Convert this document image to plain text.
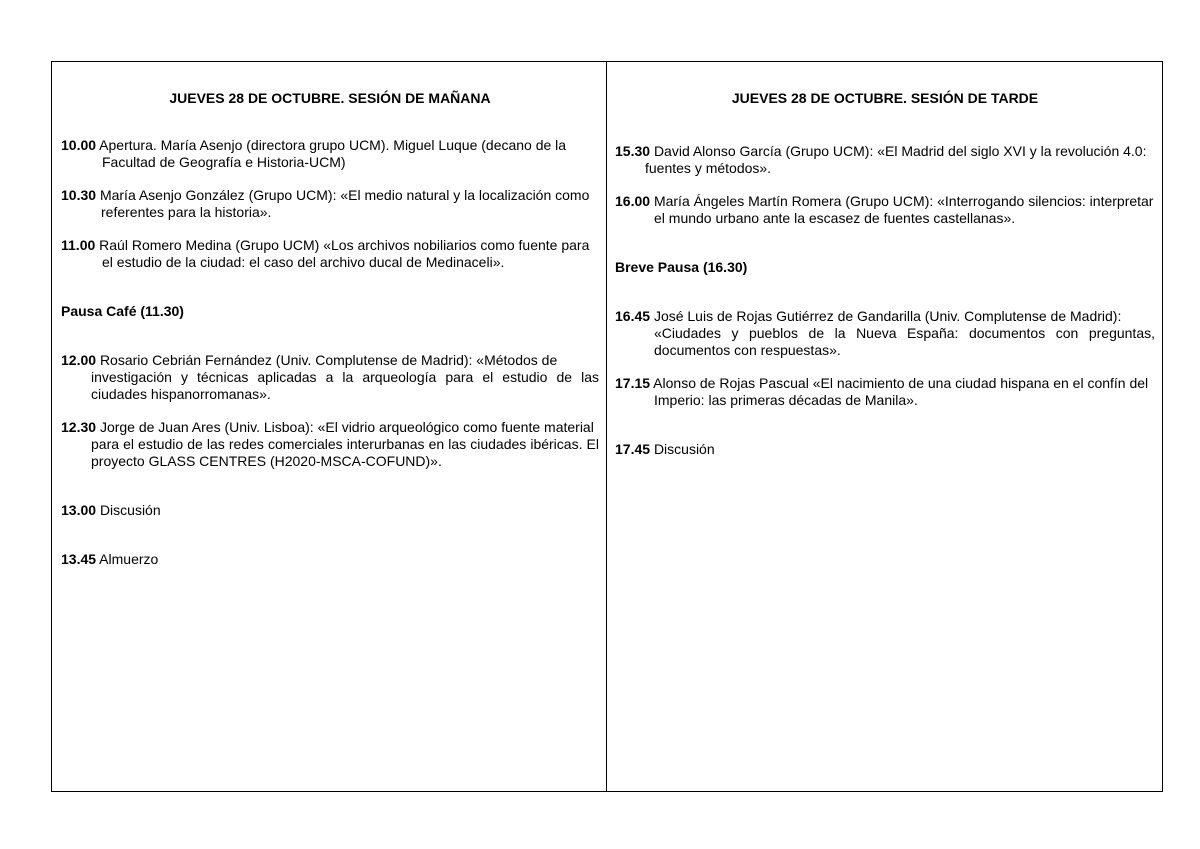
JUEVES 28 DE OCTUBRE. SESIÓN DE MAÑANA
10.00 Apertura. María Asenjo (directora grupo UCM). Miguel Luque (decano de la
Facultad de Geografía e Historia-UCM)
10.30 María Asenjo González (Grupo UCM): «El medio natural y la localización como
referentes para la historia».
11.00 Raúl Romero Medina (Grupo UCM) «Los archivos nobiliarios como fuente para
el estudio de la ciudad: el caso del archivo ducal de Medinaceli».
Pausa Café (11.30)
12.00 Rosario Cebrián Fernández (Univ. Complutense de Madrid): «Métodos de
investigación y técnicas aplicadas a la arqueología para el estudio de las ciudades hispanorromanas».
12.30 Jorge de Juan Ares (Univ. Lisboa): «El vidrio arqueológico como fuente material
para el estudio de las redes comerciales interurbanas en las ciudades ibéricas. El proyecto GLASS CENTRES (H2020-MSCA-COFUND)».
13.00 Discusión
13.45 Almuerzo
JUEVES 28 DE OCTUBRE. SESIÓN DE TARDE
15.30 David Alonso García (Grupo UCM): «El Madrid del siglo XVI y la revolución 4.0:
fuentes y métodos».
16.00 María Ángeles Martín Romera (Grupo UCM): «Interrogando silencios: interpretar
el mundo urbano ante la escasez de fuentes castellanas».
Breve Pausa (16.30)
16.45 José Luis de Rojas Gutiérrez de Gandarilla (Univ. Complutense de Madrid):
«Ciudades y pueblos de la Nueva España: documentos con preguntas, documentos con respuestas».
17.15 Alonso de Rojas Pascual «El nacimiento de una ciudad hispana en el confín del
Imperio: las primeras décadas de Manila».
17.45 Discusión
